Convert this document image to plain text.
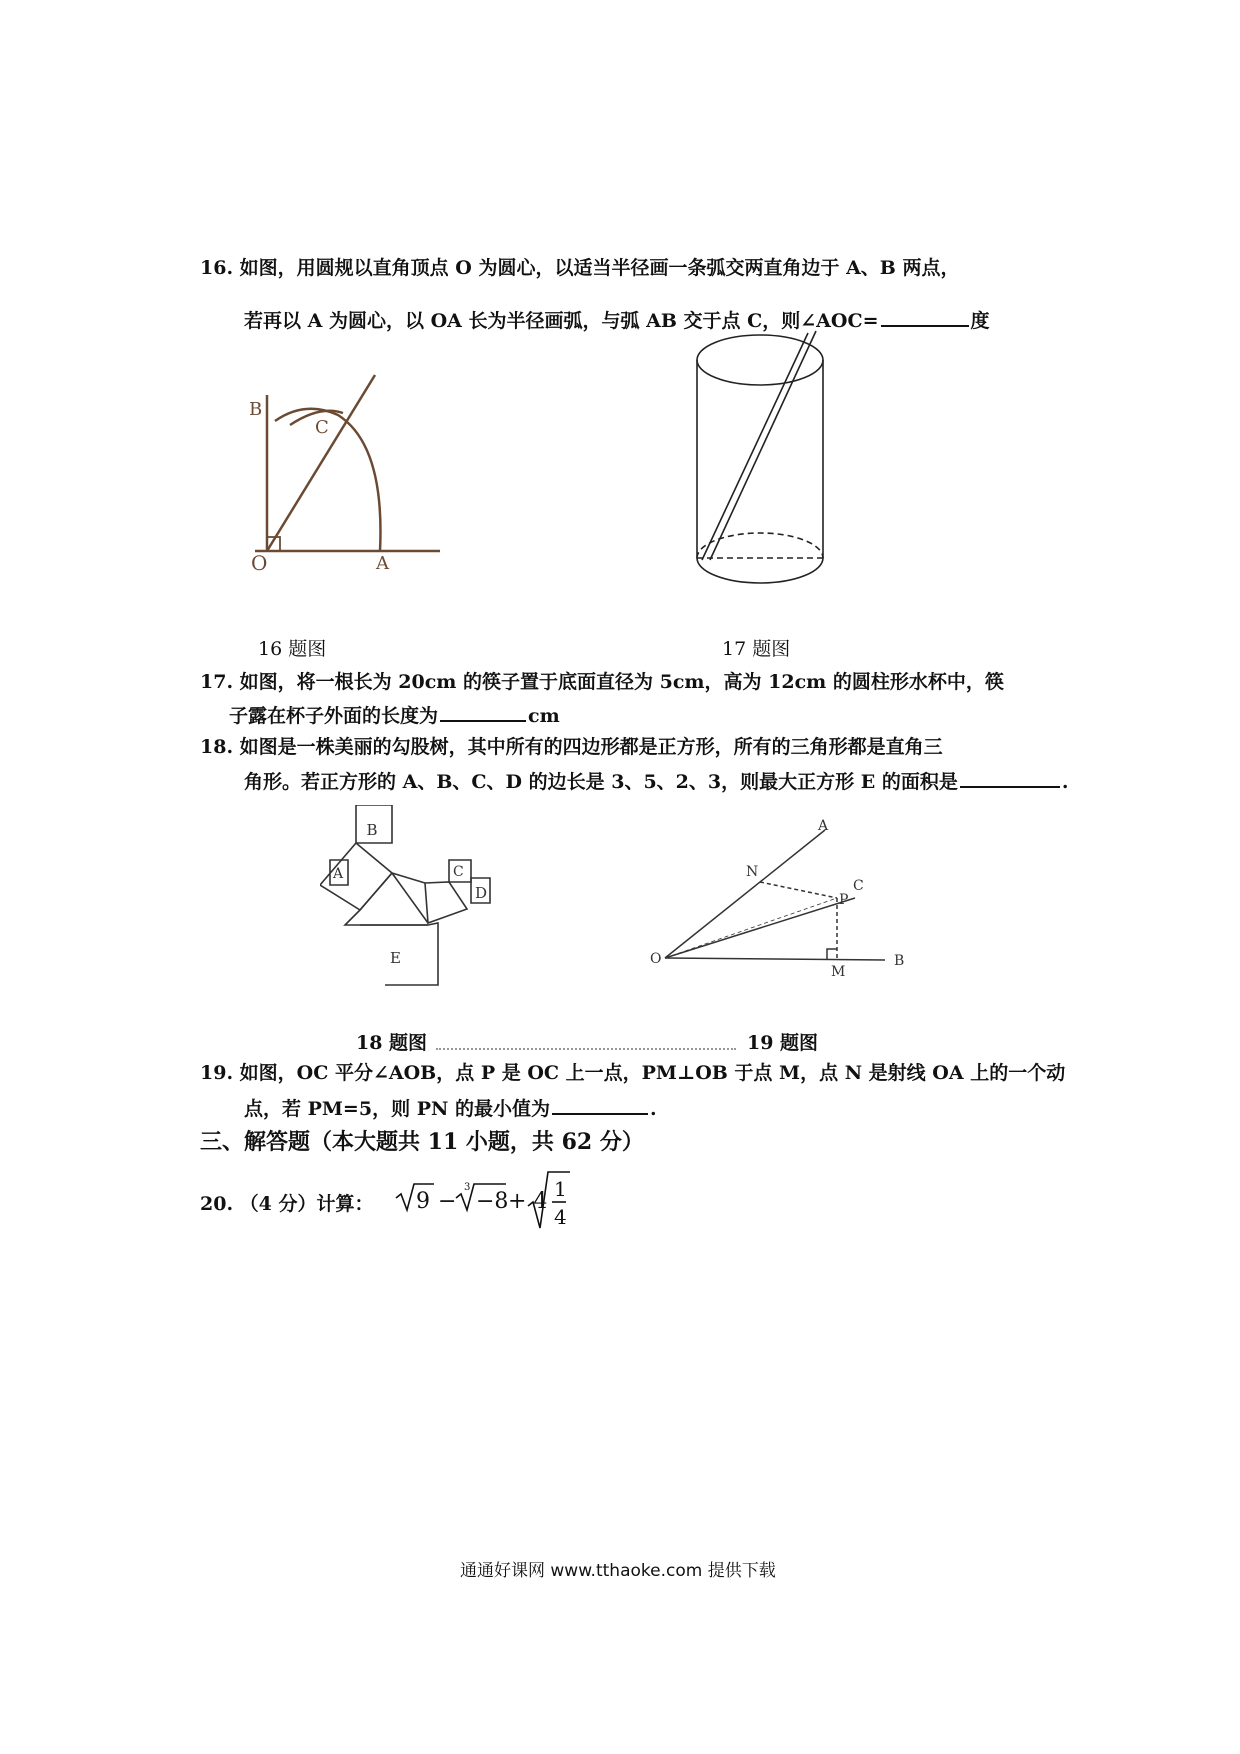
16. 如图，用圆规以直角顶点 O 为圆心，以适当半径画一条弧交两直角边于 A、B 两点，
若再以 A 为圆心，以 OA 长为半径画弧，与弧 AB 交于点 C，则∠AOC=	度
B
C
O	A
16 题图	17 题图
17. 如图，将一根长为 20cm 的筷子置于底面直径为 5cm，高为 12cm 的圆柱形水杯中，筷
子露在杯子外面的长度为	cm
18. 如图是一株美丽的勾股树，其中所有的四边形都是正方形，所有的三角形都是直角三
角形。若正方形的 A、B、C、D 的边长是 3、5、2、3，则最大正方形 E 的面积是	.
B
A	C
D
E
A
N
C
P
O
M
B
18 题图	19 题图
19. 如图，OC 平分∠AOB，点 P 是 OC 上一点，PM⊥OB 于点 M，点 N 是射线 OA 上的一个动
点，若 PM=5，则 PN 的最小值为	.
三、解答题（本大题共 11 小题，共 62 分）
20. （4 分）计算： 9 −
3
−8 + 4 1
4
通通好课网 www.tthaoke.com 提供下载
